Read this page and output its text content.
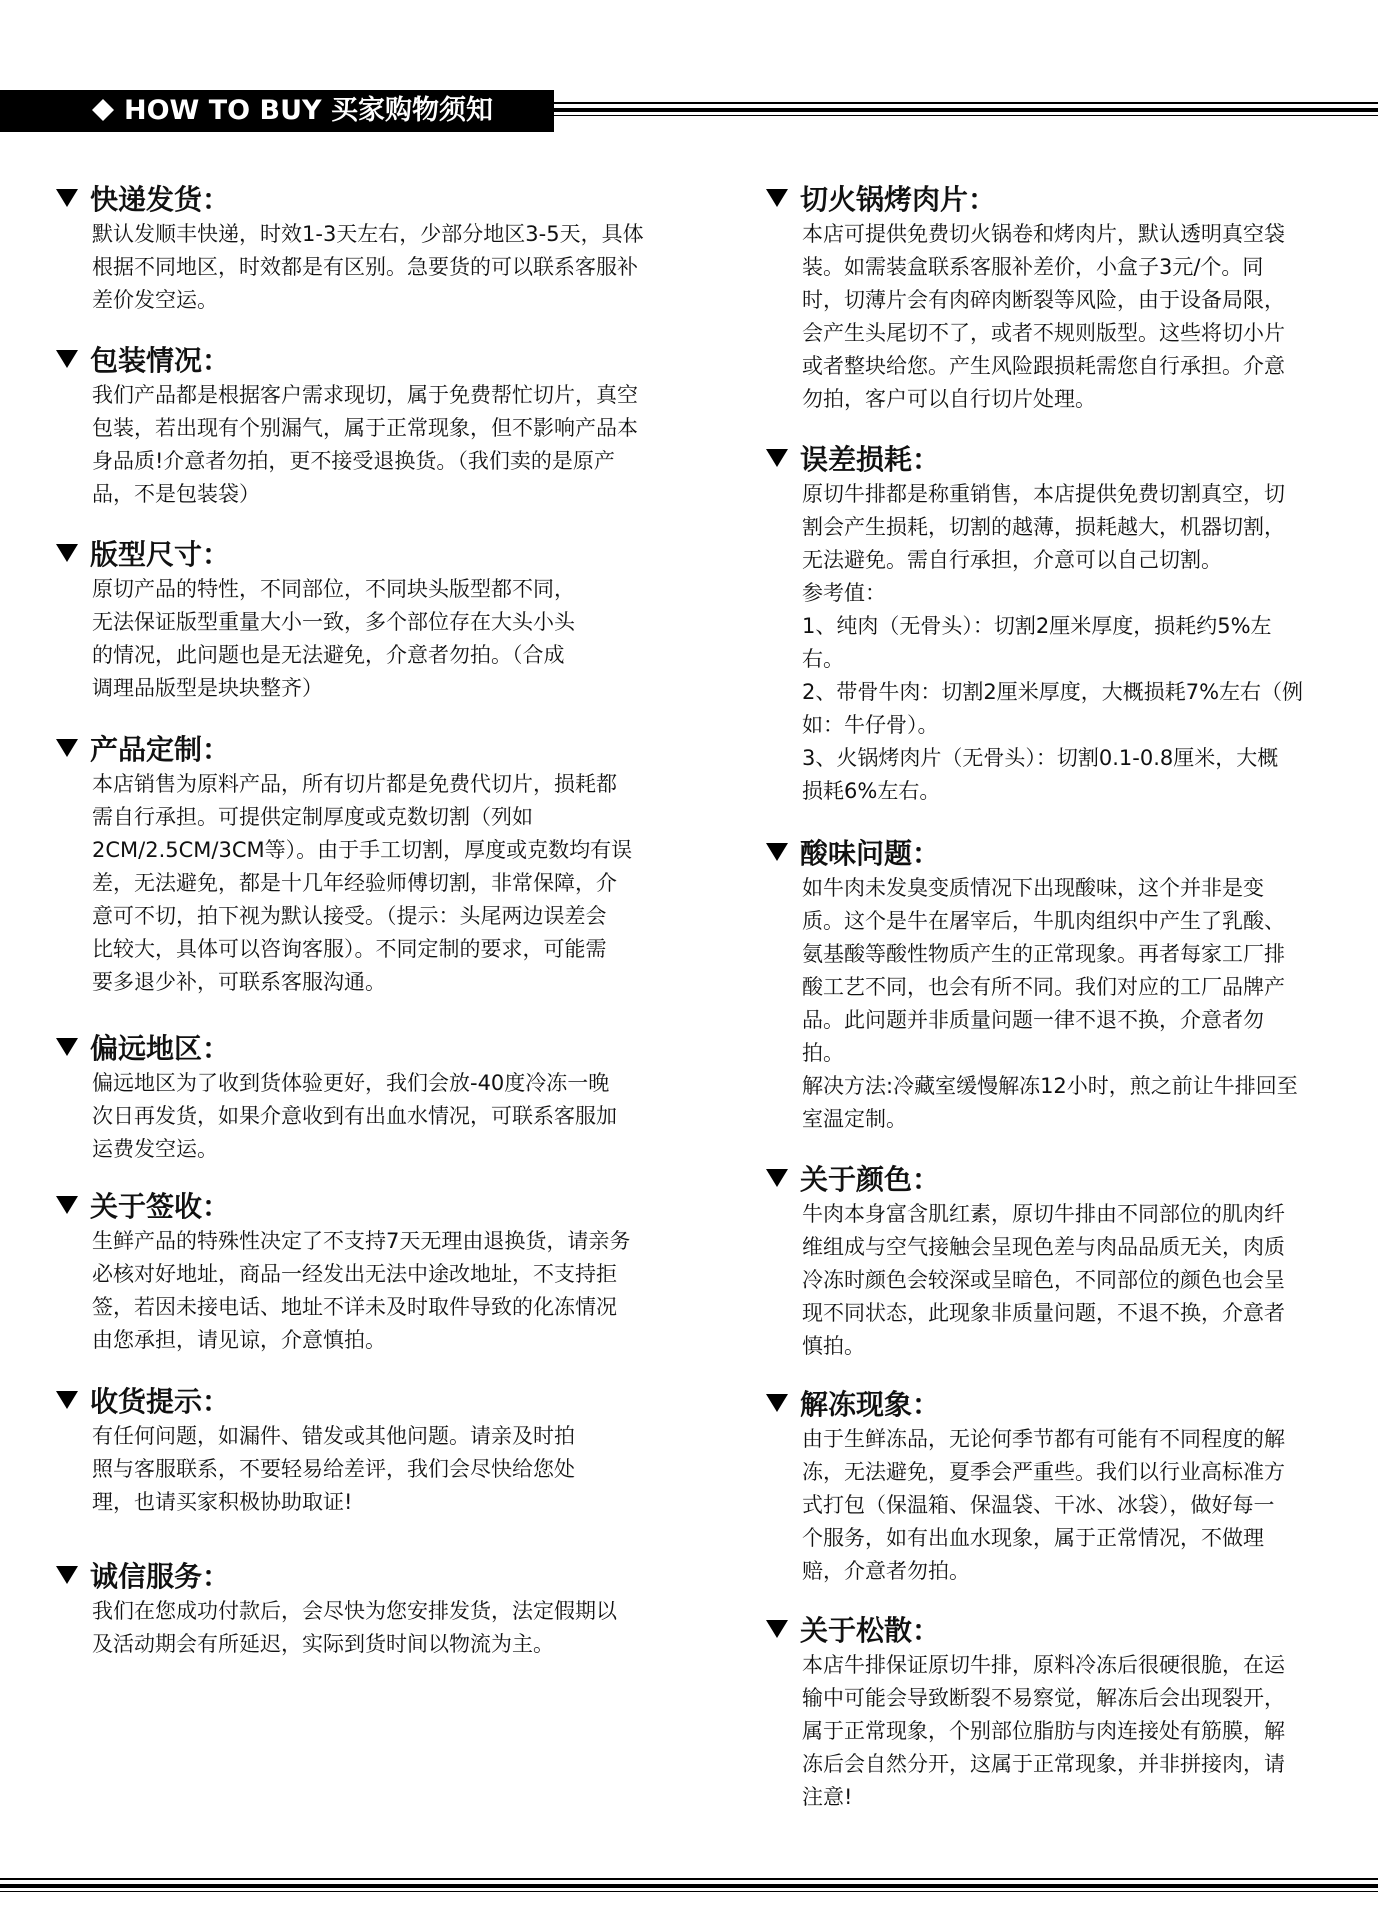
HOW TO BUY 买家购物须知
快递发货：

默认发顺丰快递，时效1-3天左右，少部分地区3-5天，具体

根据不同地区，时效都是有区别。急要货的可以联系客服补

差价发空运。

包装情况：

我们产品都是根据客户需求现切，属于免费帮忙切片，真空

包装，若出现有个别漏气，属于正常现象，但不影响产品本

身品质!介意者勿拍，更不接受退换货。（我们卖的是原产

品，不是包装袋）

版型尺寸：

原切产品的特性，不同部位，不同块头版型都不同，

无法保证版型重量大小一致，多个部位存在大头小头

的情况，此问题也是无法避免，介意者勿拍。（合成

调理品版型是块块整齐）

产品定制：

本店销售为原料产品，所有切片都是免费代切片，损耗都

需自行承担。可提供定制厚度或克数切割（列如

2CM/2.5CM/3CM等）。由于手工切割，厚度或克数均有误

差，无法避免，都是十几年经验师傅切割，非常保障，介

意可不切，拍下视为默认接受。（提示：头尾两边误差会

比较大，具体可以咨询客服）。不同定制的要求，可能需

要多退少补，可联系客服沟通。

偏远地区：

偏远地区为了收到货体验更好，我们会放-40度冷冻一晚

次日再发货，如果介意收到有出血水情况，可联系客服加

运费发空运。

关于签收：

生鲜产品的特殊性决定了不支持7天无理由退换货，请亲务

必核对好地址，商品一经发出无法中途改地址，不支持拒

签，若因未接电话、地址不详未及时取件导致的化冻情况

由您承担，请见谅，介意慎拍。

收货提示：

有任何问题，如漏件、错发或其他问题。请亲及时拍

照与客服联系，不要轻易给差评，我们会尽快给您处

理，也请买家积极协助取证!

诚信服务：

我们在您成功付款后，会尽快为您安排发货，法定假期以

及活动期会有所延迟，实际到货时间以物流为主。

切火锅烤肉片：

本店可提供免费切火锅卷和烤肉片，默认透明真空袋

装。如需装盒联系客服补差价，小盒子3元/个。同

时，切薄片会有肉碎肉断裂等风险，由于设备局限，

会产生头尾切不了，或者不规则版型。这些将切小片

或者整块给您。产生风险跟损耗需您自行承担。介意

勿拍，客户可以自行切片处理。

误差损耗：

原切牛排都是称重销售，本店提供免费切割真空，切

割会产生损耗，切割的越薄，损耗越大，机器切割，

无法避免。需自行承担，介意可以自己切割。

参考值：

1、纯肉（无骨头）：切割2厘米厚度，损耗约5%左

右。

2、带骨牛肉：切割2厘米厚度，大概损耗7%左右（例

如：牛仔骨）。

3、火锅烤肉片（无骨头）：切割0.1-0.8厘米，大概

损耗6%左右。

酸味问题：

如牛肉未发臭变质情况下出现酸味，这个并非是变

质。这个是牛在屠宰后，牛肌肉组织中产生了乳酸、

氨基酸等酸性物质产生的正常现象。再者每家工厂排

酸工艺不同，也会有所不同。我们对应的工厂品牌产

品。此问题并非质量问题一律不退不换，介意者勿

拍。

解决方法:冷藏室缓慢解冻12小时，煎之前让牛排回至

室温定制。

关于颜色：

牛肉本身富含肌红素，原切牛排由不同部位的肌肉纤

维组成与空气接触会呈现色差与肉品品质无关，肉质

冷冻时颜色会较深或呈暗色，不同部位的颜色也会呈

现不同状态，此现象非质量问题，不退不换，介意者

慎拍。

解冻现象：

由于生鲜冻品，无论何季节都有可能有不同程度的解

冻，无法避免，夏季会严重些。我们以行业高标准方

式打包（保温箱、保温袋、干冰、冰袋），做好每一

个服务，如有出血水现象，属于正常情况，不做理

赔，介意者勿拍。

关于松散：

本店牛排保证原切牛排，原料冷冻后很硬很脆，在运

输中可能会导致断裂不易察觉，解冻后会出现裂开，

属于正常现象，个别部位脂肪与肉连接处有筋膜，解

冻后会自然分开，这属于正常现象，并非拼接肉，请

注意!
